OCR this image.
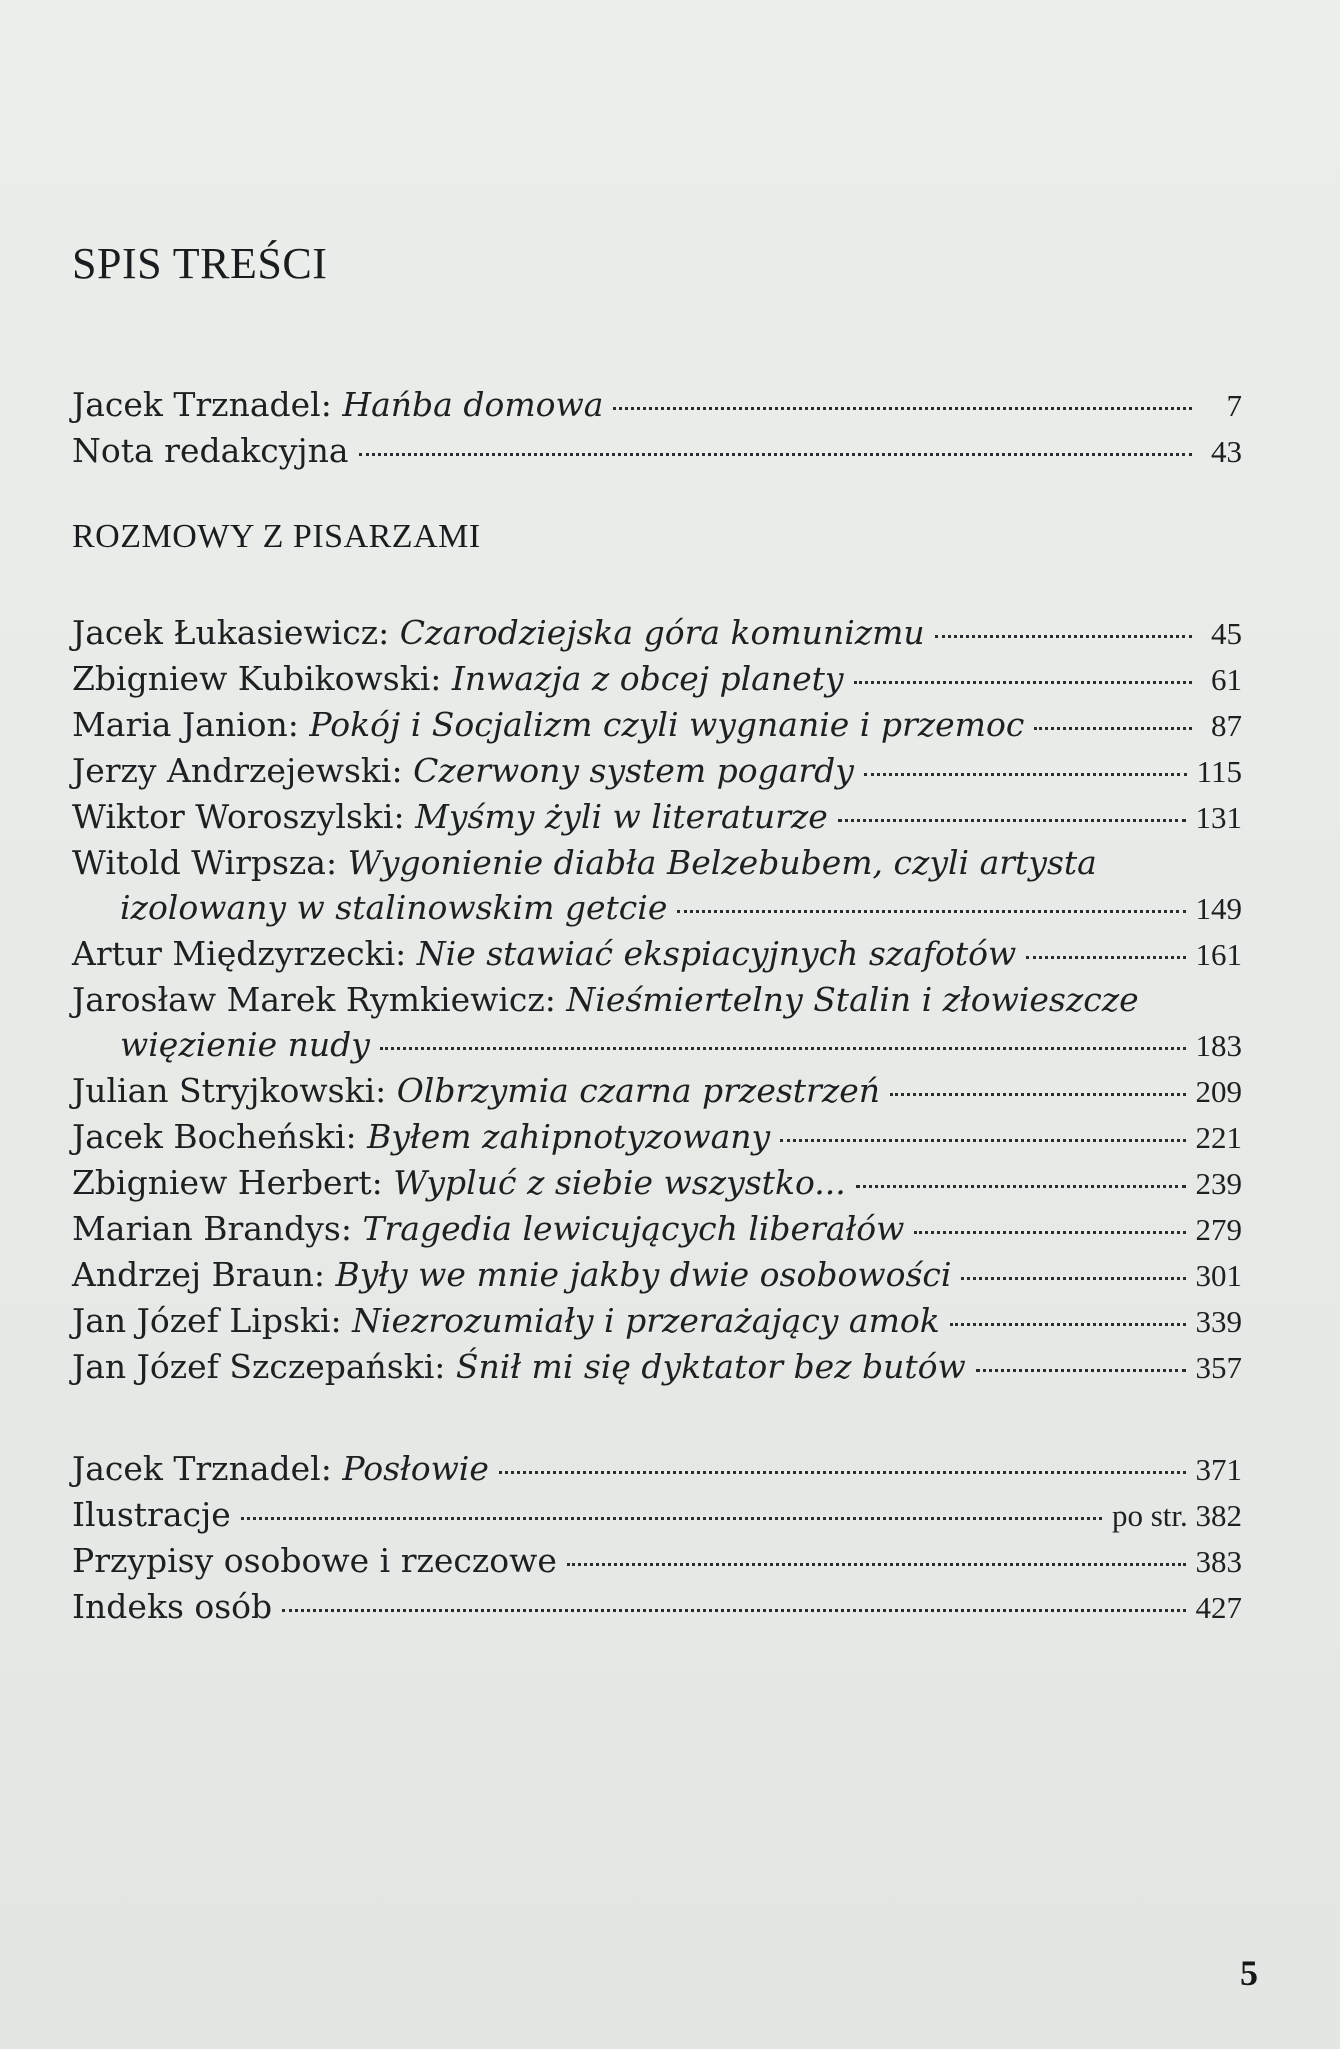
SPIS TREŚCI
Jacek Trznadel: Hańba domowa	7
Nota redakcyjna	43
ROZMOWY Z PISARZAMI
Jacek Łukasiewicz: Czarodziejska góra komunizmu	45
Zbigniew Kubikowski: Inwazja z obcej planety	61
Maria Janion: Pokój i Socjalizm czyli wygnanie i przemoc	87
Jerzy Andrzejewski: Czerwony system pogardy	115
Wiktor Woroszylski: Myśmy żyli w literaturze	131
Witold Wirpsza: Wygonienie diabła Belzebubem, czyli artysta
izolowany w stalinowskim getcie	149
Artur Międzyrzecki: Nie stawiać ekspiacyjnych szafotów	161
Jarosław Marek Rymkiewicz: Nieśmiertelny Stalin i złowieszcze
więzienie nudy	183
Julian Stryjkowski: Olbrzymia czarna przestrzeń	209
Jacek Bocheński: Byłem zahipnotyzowany	221
Zbigniew Herbert: Wypluć z siebie wszystko...	239
Marian Brandys: Tragedia lewicujących liberałów	279
Andrzej Braun: Były we mnie jakby dwie osobowości	301
Jan Józef Lipski: Niezrozumiały i przerażający amok	339
Jan Józef Szczepański: Śnił mi się dyktator bez butów	357
Jacek Trznadel: Posłowie	371
Ilustracje	po str. 382
Przypisy osobowe i rzeczowe	383
Indeks osób	427
5
